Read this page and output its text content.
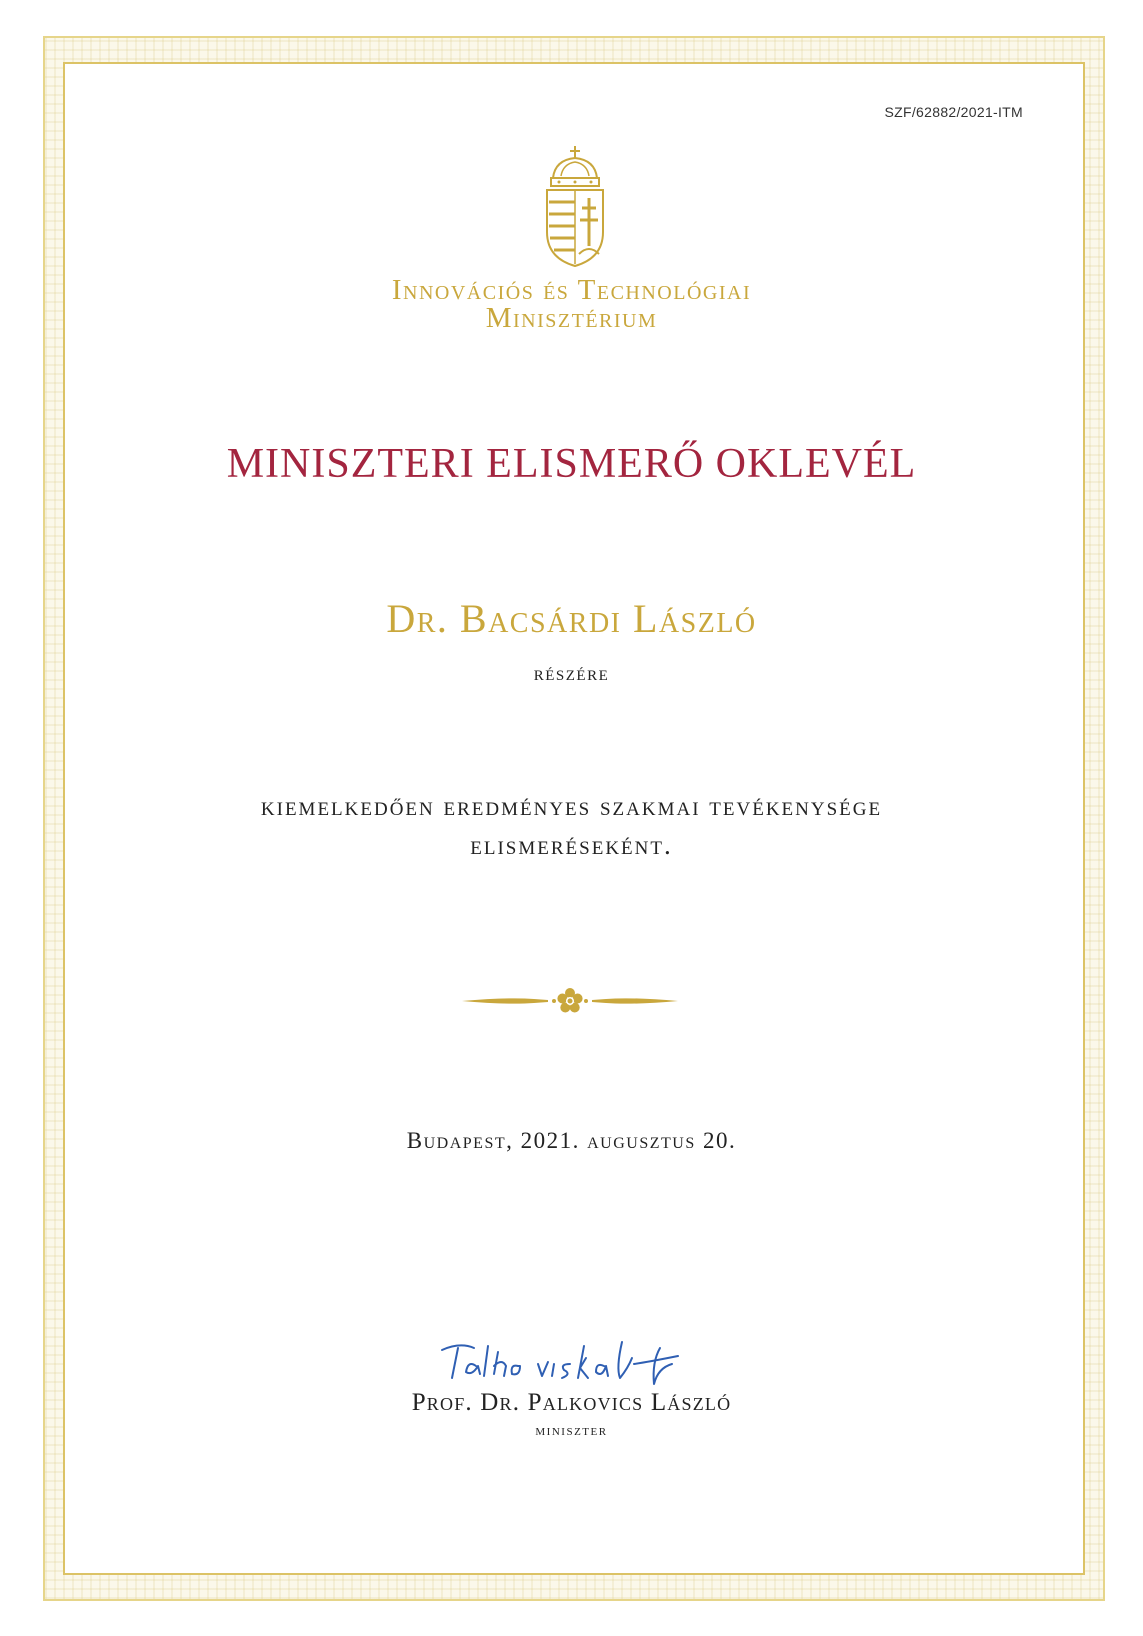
SZF/62882/2021-ITM
Innovációs és Technológiai
Minisztérium
MINISZTERI ELISMERŐ OKLEVÉL
Dr. Bacsárdi László
részére
kiemelkedően eredményes szakmai tevékenysége
elismeréseként.
Budapest, 2021. augusztus 20.
Prof. Dr. Palkovics László
miniszter
